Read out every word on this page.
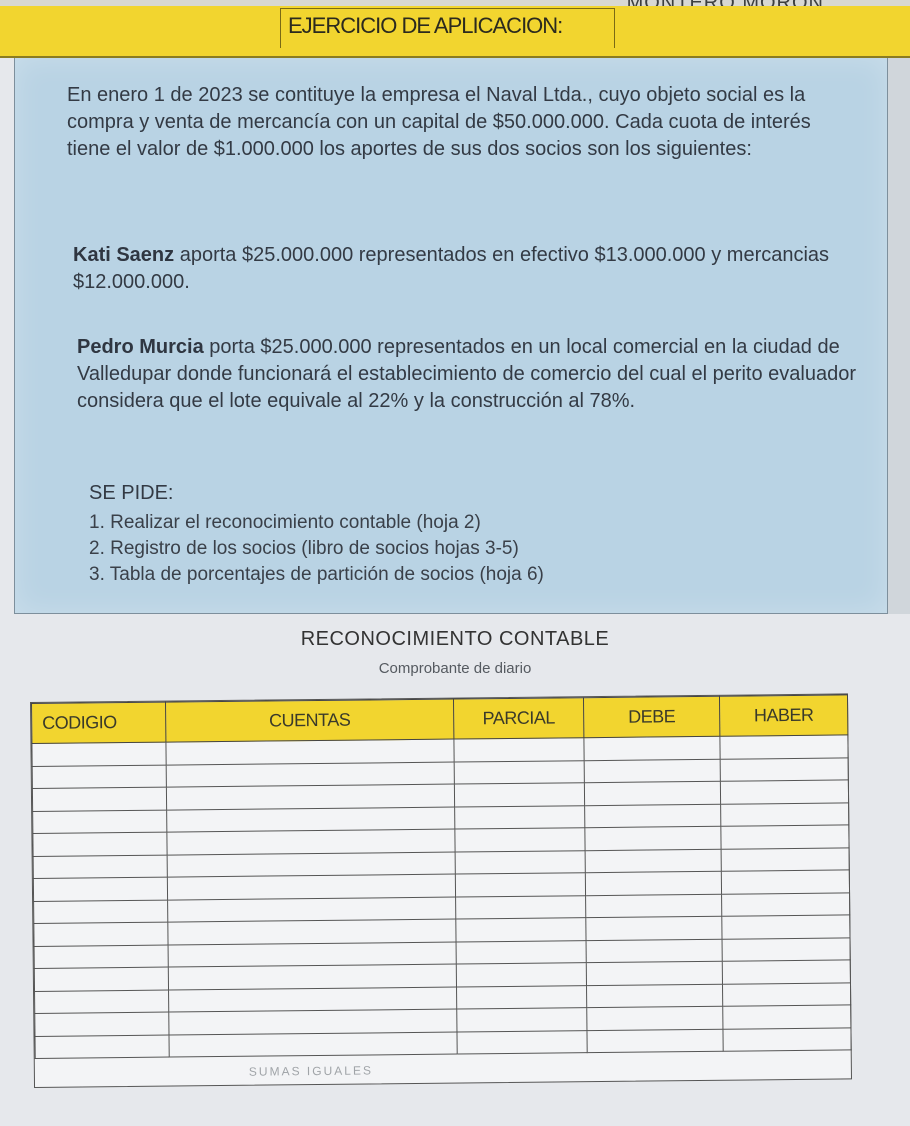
EJERCICIO DE APLICACION:

En enero 1 de 2023 se contituye la empresa el Naval Ltda., cuyo objeto social es la compra y venta de mercancía con un capital de $50.000.000. Cada cuota de interés tiene el valor de $1.000.000 los aportes de sus dos socios son los siguientes:

Kati Saenz aporta $25.000.000 representados en efectivo $13.000.000 y mercancias $12.000.000.

Pedro Murcia porta $25.000.000 representados en un local comercial en la ciudad de Valledupar donde funcionará el establecimiento de comercio del cual el perito evaluador considera que el lote equivale al 22% y la construcción al 78%.

SE PIDE:
1. Realizar el reconocimiento contable (hoja 2)
2. Registro de los socios (libro de socios hojas 3-5)
3. Tabla de porcentajes de partición de socios (hoja 6)
RECONOCIMIENTO CONTABLE
Comprobante de diario
CODIGIO	CUENTAS	PARCIAL	DEBE	HABER

SUMAS IGUALES
